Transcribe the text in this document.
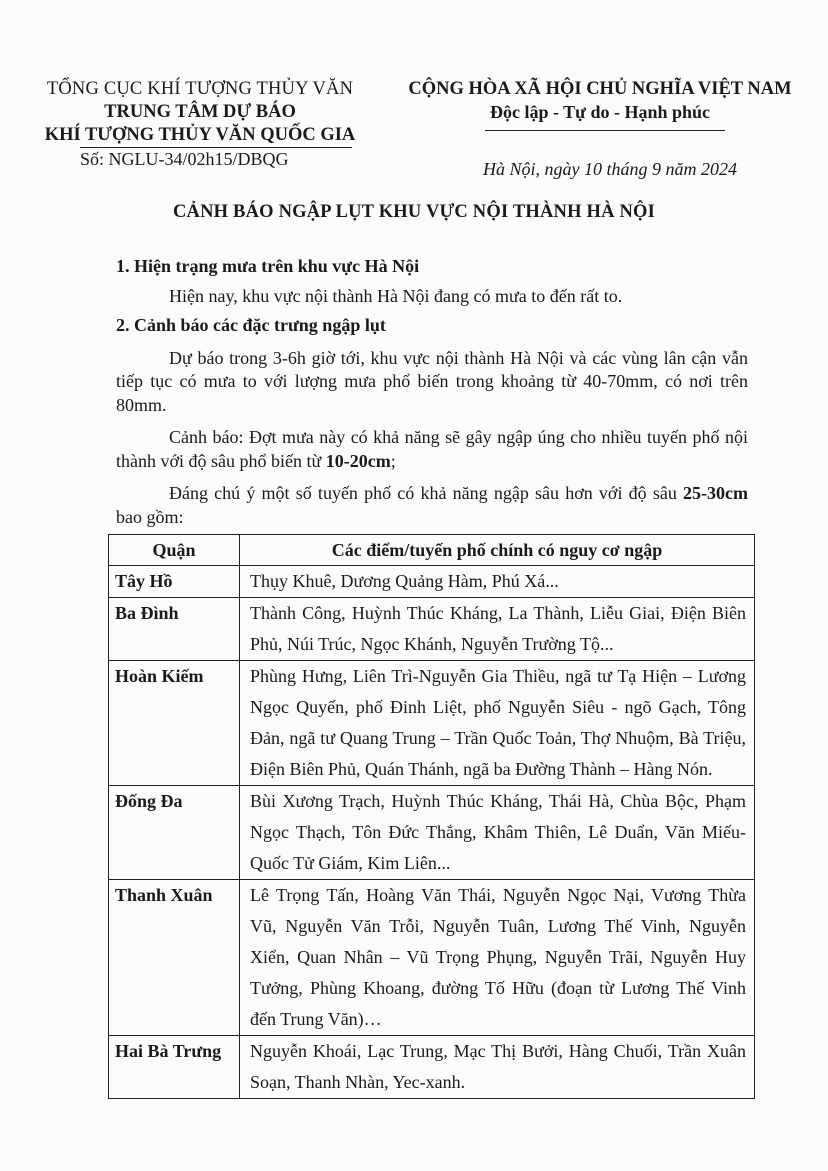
TỔNG CỤC KHÍ TƯỢNG THỦY VĂN
TRUNG TÂM DỰ BÁO
KHÍ TƯỢNG THỦY VĂN QUỐC GIA
Số: NGLU-34/02h15/DBQG
CỘNG HÒA XÃ HỘI CHỦ NGHĨA VIỆT NAM
Độc lập - Tự do - Hạnh phúc
Hà Nội, ngày 10 tháng 9 năm 2024
CẢNH BÁO NGẬP LỤT KHU VỰC NỘI THÀNH HÀ NỘI

1. Hiện trạng mưa trên khu vực Hà Nội

Hiện nay, khu vực nội thành Hà Nội đang có mưa to đến rất to.

2. Cảnh báo các đặc trưng ngập lụt

Dự báo trong 3-6h giờ tới, khu vực nội thành Hà Nội và các vùng lân cận vẫn tiếp tục có mưa to với lượng mưa phổ biến trong khoảng từ 40-70mm, có nơi trên 80mm.

Cảnh báo: Đợt mưa này có khả năng sẽ gây ngập úng cho nhiều tuyến phố nội thành với độ sâu phổ biến từ 10-20cm;

Đáng chú ý một số tuyến phố có khả năng ngập sâu hơn với độ sâu 25-30cm bao gồm:

Quận	Các điểm/tuyến phố chính có nguy cơ ngập
Tây Hồ	Thụy Khuê, Dương Quảng Hàm, Phú Xá...
Ba Đình	Thành Công, Huỳnh Thúc Kháng, La Thành, Liễu Giai, Điện Biên Phủ, Núi Trúc, Ngọc Khánh, Nguyễn Trường Tộ...
Hoàn Kiếm	Phùng Hưng, Liên Trì-Nguyễn Gia Thiều, ngã tư Tạ Hiện – Lương Ngọc Quyến, phố Đinh Liệt, phố Nguyễn Siêu - ngõ Gạch, Tông Đản, ngã tư Quang Trung – Trần Quốc Toản, Thợ Nhuộm, Bà Triệu, Điện Biên Phủ, Quán Thánh, ngã ba Đường Thành – Hàng Nón.
Đống Đa	Bùi Xương Trạch, Huỳnh Thúc Kháng, Thái Hà, Chùa Bộc, Phạm Ngọc Thạch, Tôn Đức Thắng, Khâm Thiên, Lê Duẩn, Văn Miếu-Quốc Tử Giám, Kim Liên...
Thanh Xuân	Lê Trọng Tấn, Hoàng Văn Thái, Nguyễn Ngọc Nại, Vương Thừa Vũ, Nguyễn Văn Trỗi, Nguyễn Tuân, Lương Thế Vinh, Nguyễn Xiển, Quan Nhân – Vũ Trọng Phụng, Nguyễn Trãi, Nguyễn Huy Tưởng, Phùng Khoang, đường Tố Hữu (đoạn từ Lương Thế Vinh đến Trung Văn)…
Hai Bà Trưng	Nguyễn Khoái, Lạc Trung, Mạc Thị Bưởi, Hàng Chuối, Trần Xuân Soạn, Thanh Nhàn, Yec-xanh.
